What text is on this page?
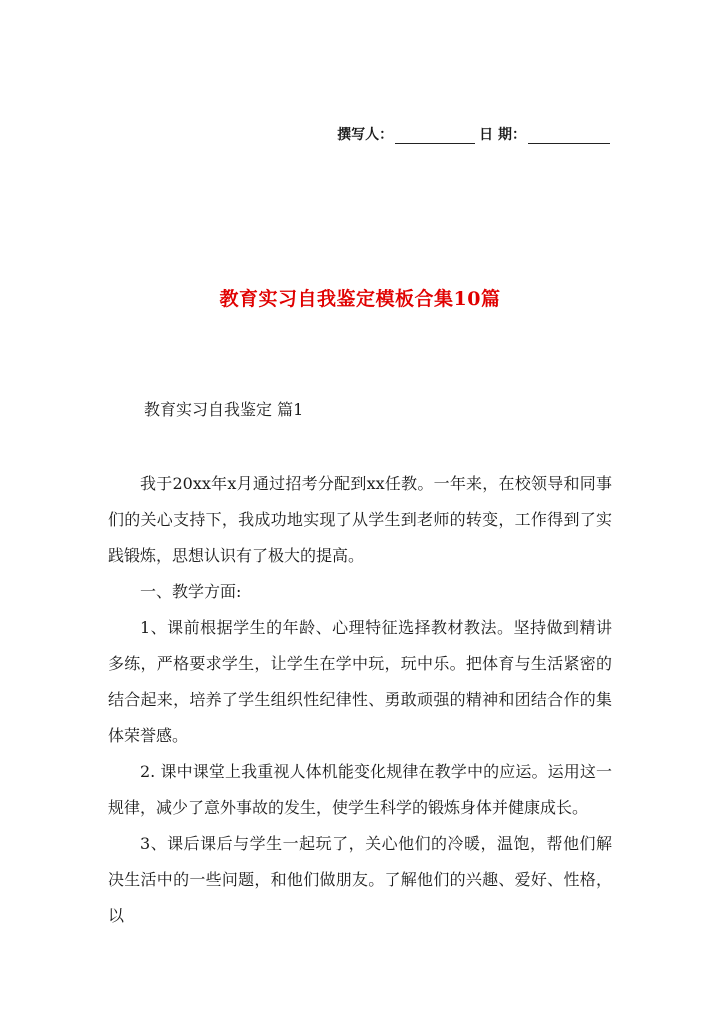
撰写人：	日 期：
教育实习自我鉴定模板合集10篇
教育实习自我鉴定 篇1

我于20xx年x月通过招考分配到xx任教。一年来，在校领导和同事们的关心支持下，我成功地实现了从学生到老师的转变，工作得到了实践锻炼，思想认识有了极大的提高。

一、教学方面:

1、课前根据学生的年龄、心理特征选择教材教法。坚持做到精讲多练，严格要求学生，让学生在学中玩，玩中乐。把体育与生活紧密的结合起来，培养了学生组织性纪律性、勇敢顽强的精神和团结合作的集体荣誉感。

2. 课中课堂上我重视人体机能变化规律在教学中的应运。运用这一规律，减少了意外事故的发生，使学生科学的锻炼身体并健康成长。

3、课后课后与学生一起玩了，关心他们的冷暖，温饱，帮他们解决生活中的一些问题，和他们做朋友。了解他们的兴趣、爱好、性格，以
